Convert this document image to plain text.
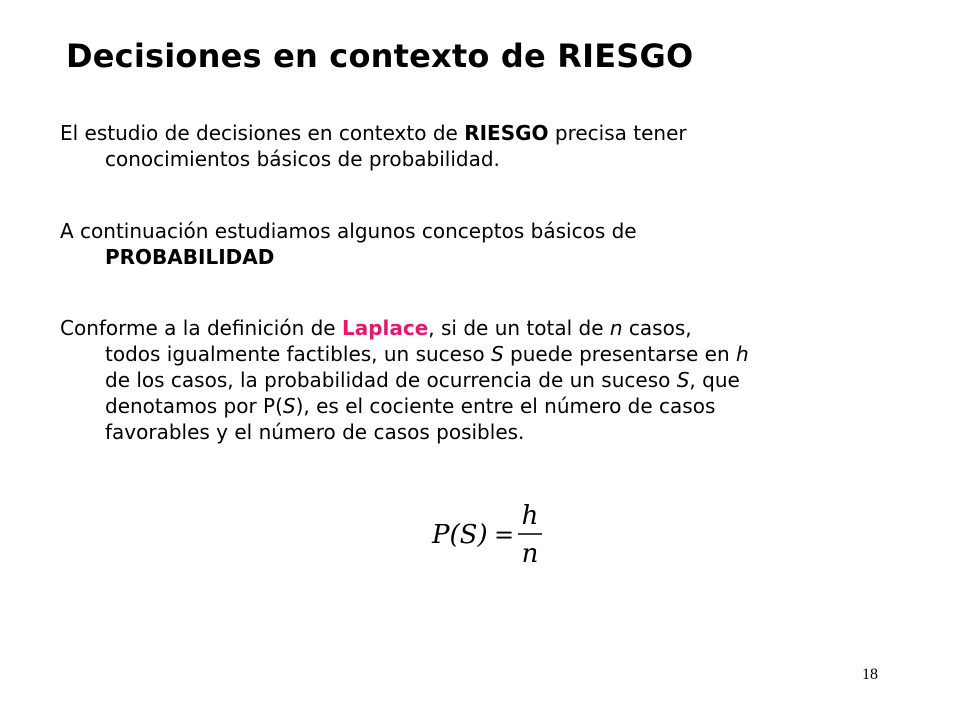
Decisiones en contexto de RIESGO

El estudio de decisiones en contexto de RIESGO precisa tener
conocimientos básicos de probabilidad.

A continuación estudiamos algunos conceptos básicos de
PROBABILIDAD

Conforme a la definición de Laplace, si de un total de n casos,
todos igualmente factibles, un suceso S puede presentarse en h
de los casos, la probabilidad de ocurrencia de un suceso S, que
denotamos por P(S), es el cociente entre el número de casos
favorables y el número de casos posibles.

P(S) =
h
n

18
